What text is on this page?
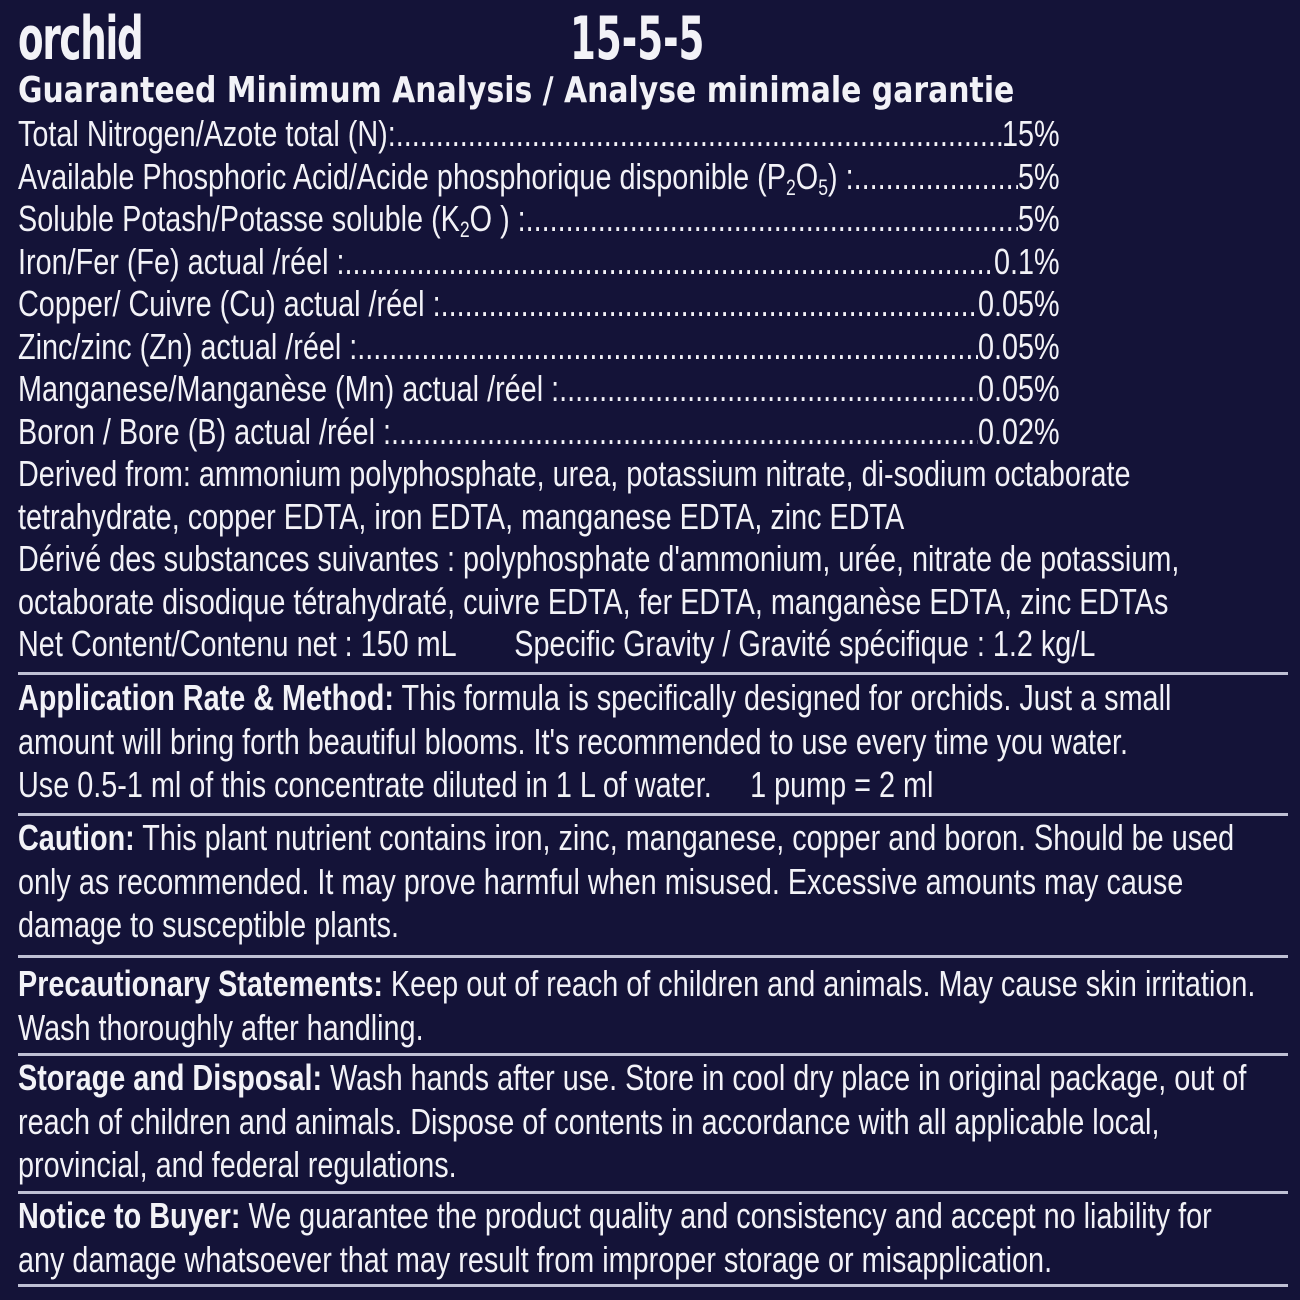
orchid	15-5-5
Guaranteed Minimum Analysis / Analyse minimale garantie
Total Nitrogen/Azote total (N): .....	15%
Available Phosphoric Acid/Acide phosphorique disponible $(P_2O_5)$ : .....	5%
Soluble Potash/Potasse soluble ($K_2O$ ) : .....	5%
Iron/Fer (Fe) actual /réel : .....	0.1%
Copper/ Cuivre (Cu) actual /réel : .....	0.05%
Zinc/zinc (Zn) actual /réel : .....	0.05%
Manganese/Manganèse (Mn) actual /réel : .....	0.05%
Boron / Bore (B) actual /réel : .....	0.02%
Derived from: ammonium polyphosphate, urea, potassium nitrate, di-sodium octaborate
tetrahydrate, copper EDTA, iron EDTA, manganese EDTA, zinc EDTA
Dérivé des substances suivantes : polyphosphate d'ammonium, urée, nitrate de potassium,
octaborate disodique tétrahydraté, cuivre EDTA, fer EDTA, manganèse EDTA, zinc EDTAs
Net Content/Contenu net : 150 mL Specific Gravity / Gravité spécifique : 1.2 kg/L
Application Rate & Method: This formula is specifically designed for orchids. Just a small
amount will bring forth beautiful blooms. It's recommended to use every time you water.
Use 0.5-1 ml of this concentrate diluted in 1 L of water. 1 pump = 2 ml
Caution: This plant nutrient contains iron, zinc, manganese, copper and boron. Should be used
only as recommended. It may prove harmful when misused. Excessive amounts may cause
damage to susceptible plants.
Precautionary Statements: Keep out of reach of children and animals. May cause skin irritation.
Wash thoroughly after handling.
Storage and Disposal: Wash hands after use. Store in cool dry place in original package, out of
reach of children and animals. Dispose of contents in accordance with all applicable local,
provincial, and federal regulations.
Notice to Buyer: We guarantee the product quality and consistency and accept no liability for
any damage whatsoever that may result from improper storage or misapplication.
